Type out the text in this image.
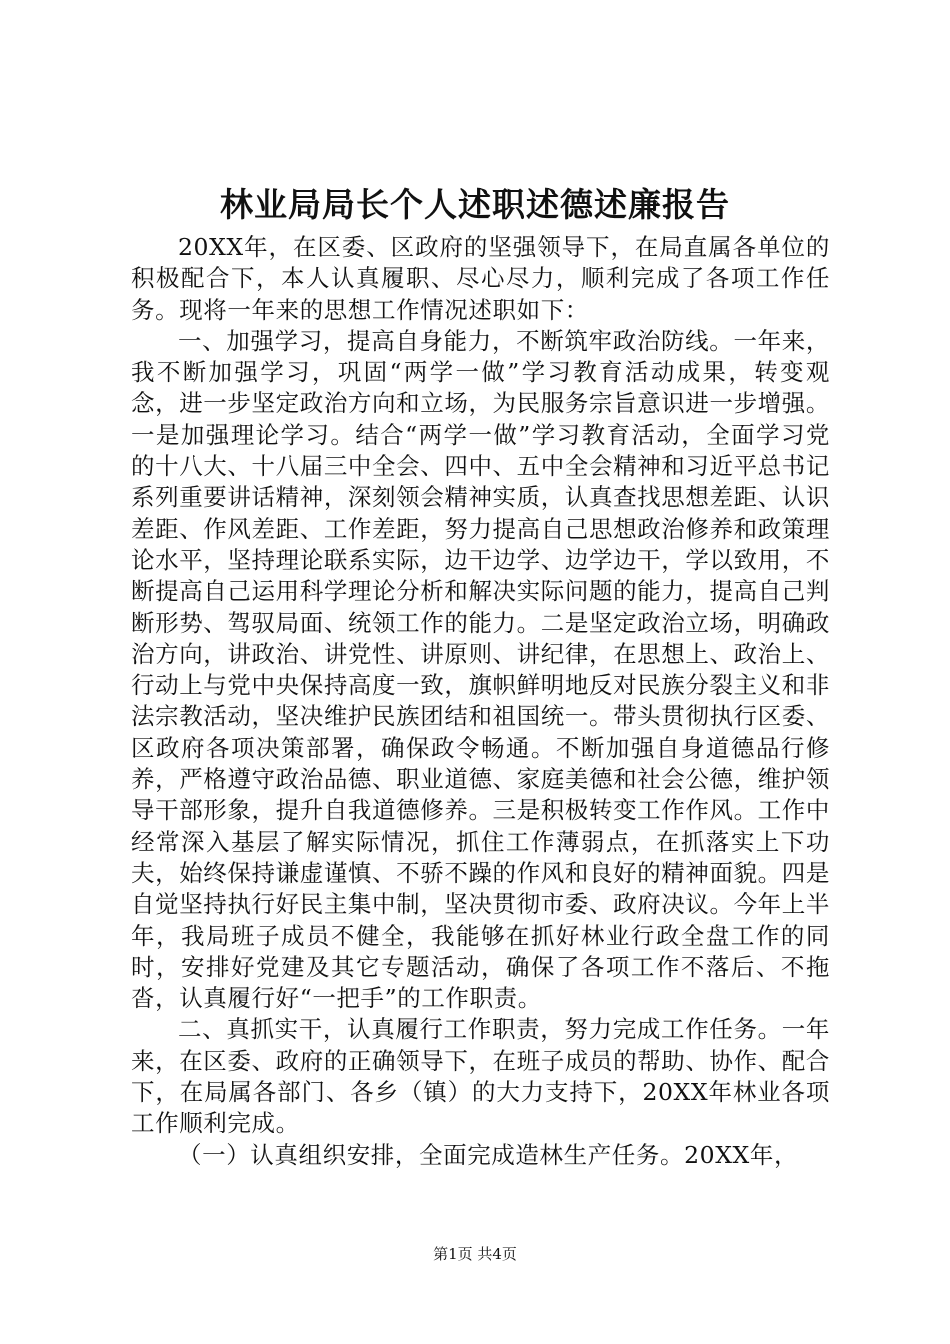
林业局局长个人述职述德述廉报告

20XX年，在区委、区政府的坚强领导下，在局直属各单位的积极配合下，本人认真履职、尽心尽力，顺利完成了各项工作任务。现将一年来的思想工作情况述职如下：

一、加强学习，提高自身能力，不断筑牢政治防线。一年来，我不断加强学习，巩固“两学一做”学习教育活动成果，转变观念，进一步坚定政治方向和立场，为民服务宗旨意识进一步增强。一是加强理论学习。结合“两学一做”学习教育活动，全面学习党的十八大、十八届三中全会、四中、五中全会精神和习近平总书记系列重要讲话精神，深刻领会精神实质，认真查找思想差距、认识差距、作风差距、工作差距，努力提高自己思想政治修养和政策理论水平，坚持理论联系实际，边干边学、边学边干，学以致用，不断提高自己运用科学理论分析和解决实际问题的能力，提高自己判断形势、驾驭局面、统领工作的能力。二是坚定政治立场，明确政治方向，讲政治、讲党性、讲原则、讲纪律，在思想上、政治上、行动上与党中央保持高度一致，旗帜鲜明地反对民族分裂主义和非法宗教活动，坚决维护民族团结和祖国统一。带头贯彻执行区委、区政府各项决策部署，确保政令畅通。不断加强自身道德品行修养，严格遵守政治品德、职业道德、家庭美德和社会公德，维护领导干部形象，提升自我道德修养。三是积极转变工作作风。工作中经常深入基层了解实际情况，抓住工作薄弱点，在抓落实上下功夫，始终保持谦虚谨慎、不骄不躁的作风和良好的精神面貌。四是自觉坚持执行好民主集中制，坚决贯彻市委、政府决议。今年上半年，我局班子成员不健全，我能够在抓好林业行政全盘工作的同时，安排好党建及其它专题活动，确保了各项工作不落后、不拖沓，认真履行好“一把手”的工作职责。

二、真抓实干，认真履行工作职责，努力完成工作任务。一年来，在区委、政府的正确领导下，在班子成员的帮助、协作、配合下，在局属各部门、各乡（镇）的大力支持下，20XX年林业各项工作顺利完成。

（一）认真组织安排，全面完成造林生产任务。20XX年，

第1页 共4页
